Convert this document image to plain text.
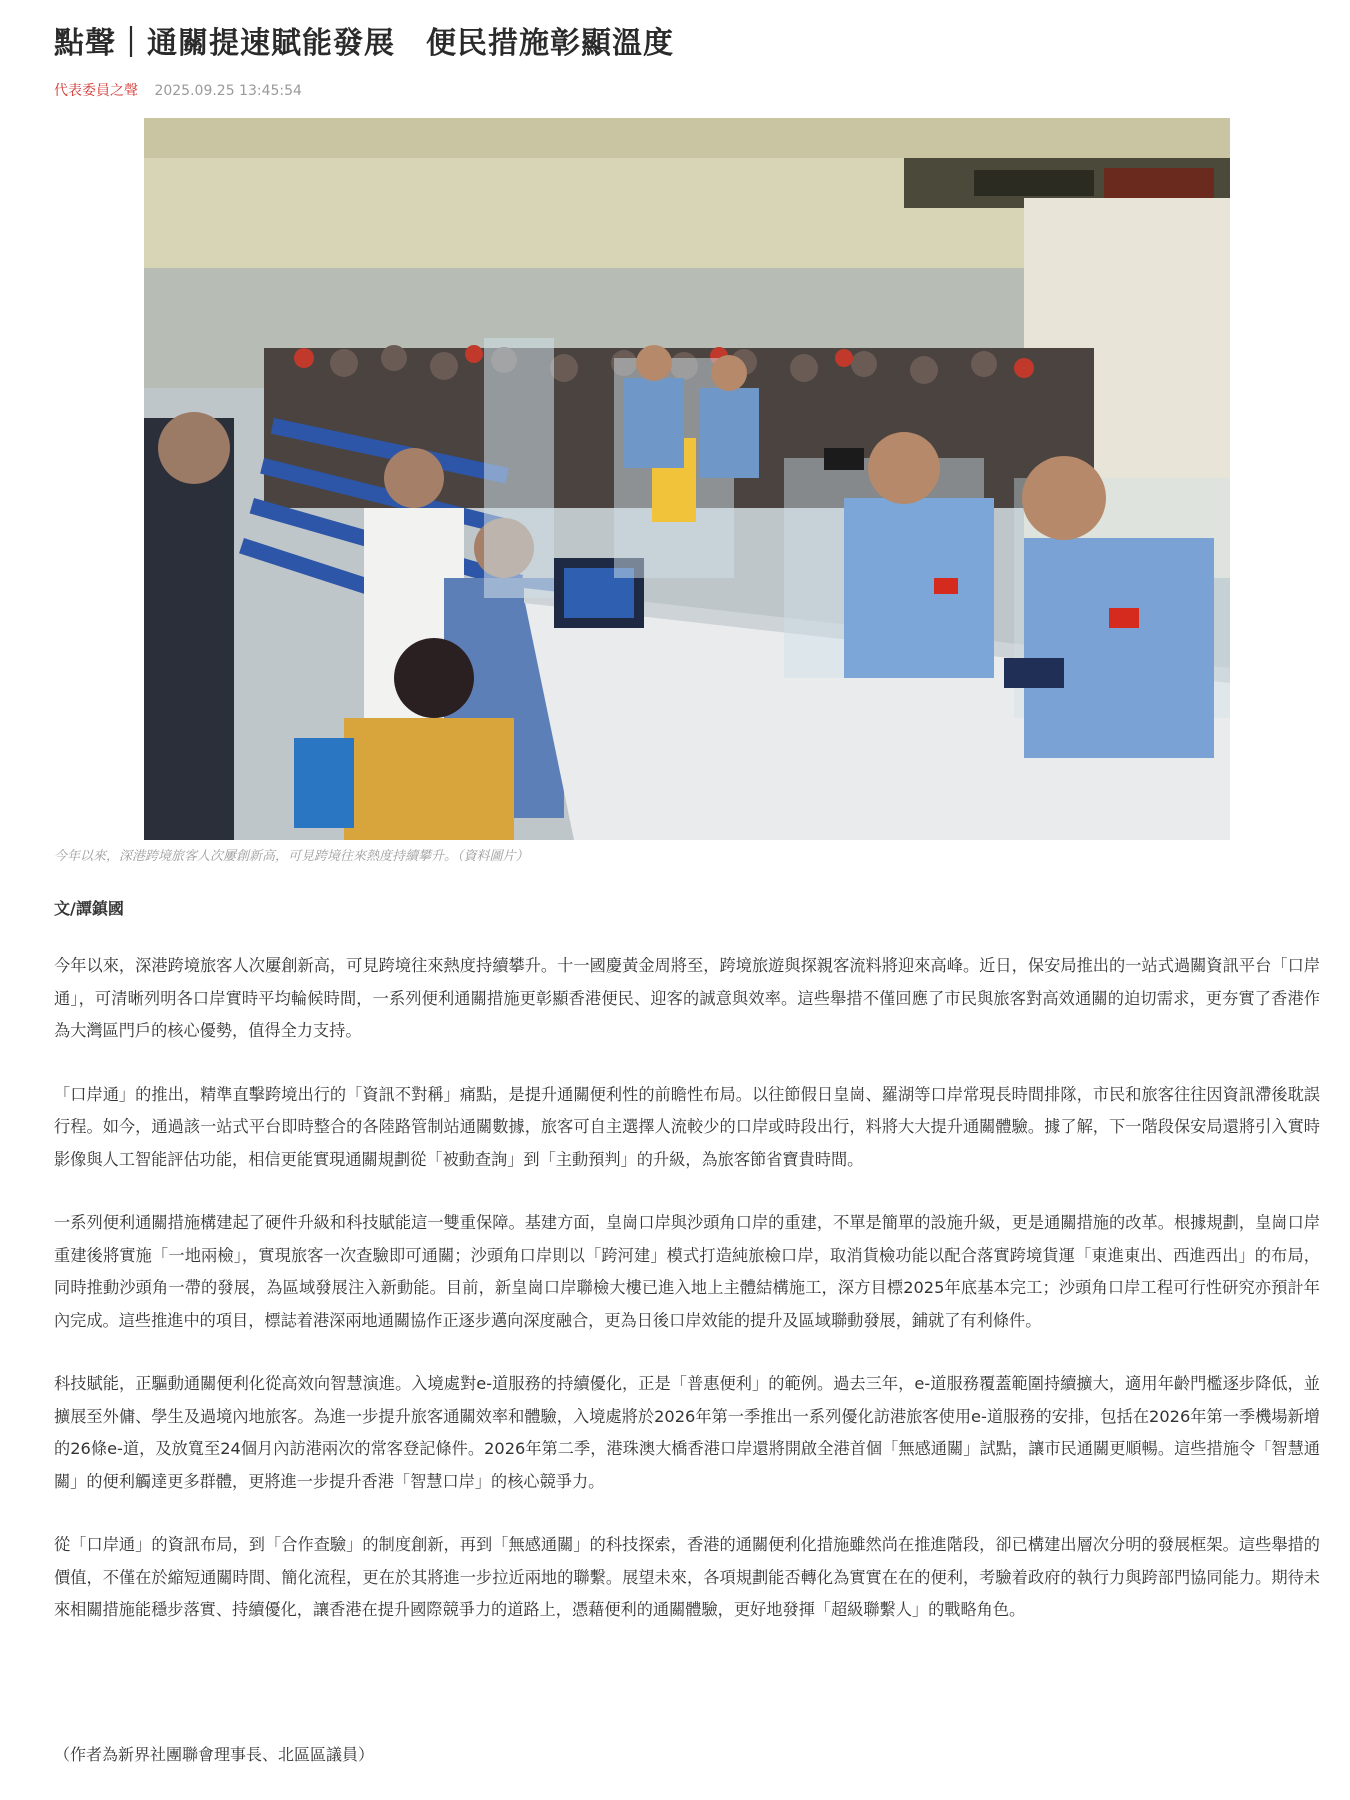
點聲｜通關提速賦能發展　便民措施彰顯溫度
代表委員之聲 2025.09.25 13:45:54
今年以來，深港跨境旅客人次屢創新高，可見跨境往來熱度持續攀升。（資料圖片）
文/譚鎮國

今年以來，深港跨境旅客人次屢創新高，可見跨境往來熱度持續攀升。十一國慶黃金周將至，跨境旅遊與探親客流料將迎來高峰。近日，保安局推出的一站式過關資訊平台「口岸通」，可清晰列明各口岸實時平均輪候時間，一系列便利通關措施更彰顯香港便民、迎客的誠意與效率。這些舉措不僅回應了市民與旅客對高效通關的迫切需求，更夯實了香港作為大灣區門戶的核心優勢，值得全力支持。

「口岸通」的推出，精準直擊跨境出行的「資訊不對稱」痛點，是提升通關便利性的前瞻性布局。以往節假日皇崗、羅湖等口岸常現長時間排隊，市民和旅客往往因資訊滯後耽誤行程。如今，通過該一站式平台即時整合的各陸路管制站通關數據，旅客可自主選擇人流較少的口岸或時段出行，料將大大提升通關體驗。據了解，下一階段保安局還將引入實時影像與人工智能評估功能，相信更能實現通關規劃從「被動查詢」到「主動預判」的升級，為旅客節省寶貴時間。

一系列便利通關措施構建起了硬件升級和科技賦能這一雙重保障。基建方面，皇崗口岸與沙頭角口岸的重建，不單是簡單的設施升級，更是通關措施的改革。根據規劃，皇崗口岸重建後將實施「一地兩檢」，實現旅客一次查驗即可通關；沙頭角口岸則以「跨河建」模式打造純旅檢口岸，取消貨檢功能以配合落實跨境貨運「東進東出、西進西出」的布局，同時推動沙頭角一帶的發展，為區域發展注入新動能。目前，新皇崗口岸聯檢大樓已進入地上主體結構施工，深方目標2025年底基本完工；沙頭角口岸工程可行性研究亦預計年內完成。這些推進中的項目，標誌着港深兩地通關協作正逐步邁向深度融合，更為日後口岸效能的提升及區域聯動發展，鋪就了有利條件。

科技賦能，正驅動通關便利化從高效向智慧演進。入境處對e-道服務的持續優化，正是「普惠便利」的範例。過去三年，e-道服務覆蓋範圍持續擴大，適用年齡門檻逐步降低，並擴展至外傭、學生及過境內地旅客。為進一步提升旅客通關效率和體驗，入境處將於2026年第一季推出一系列優化訪港旅客使用e-道服務的安排，包括在2026年第一季機場新增的26條e-道，及放寬至24個月內訪港兩次的常客登記條件。2026年第二季，港珠澳大橋香港口岸還將開啟全港首個「無感通關」試點，讓市民通關更順暢。這些措施令「智慧通關」的便利觸達更多群體，更將進一步提升香港「智慧口岸」的核心競爭力。

從「口岸通」的資訊布局，到「合作查驗」的制度創新，再到「無感通關」的科技探索，香港的通關便利化措施雖然尚在推進階段，卻已構建出層次分明的發展框架。這些舉措的價值，不僅在於縮短通關時間、簡化流程，更在於其將進一步拉近兩地的聯繫。展望未來，各項規劃能否轉化為實實在在的便利，考驗着政府的執行力與跨部門協同能力。期待未來相關措施能穩步落實、持續優化，讓香港在提升國際競爭力的道路上，憑藉便利的通關體驗，更好地發揮「超級聯繫人」的戰略角色。

（作者為新界社團聯會理事長、北區區議員）
